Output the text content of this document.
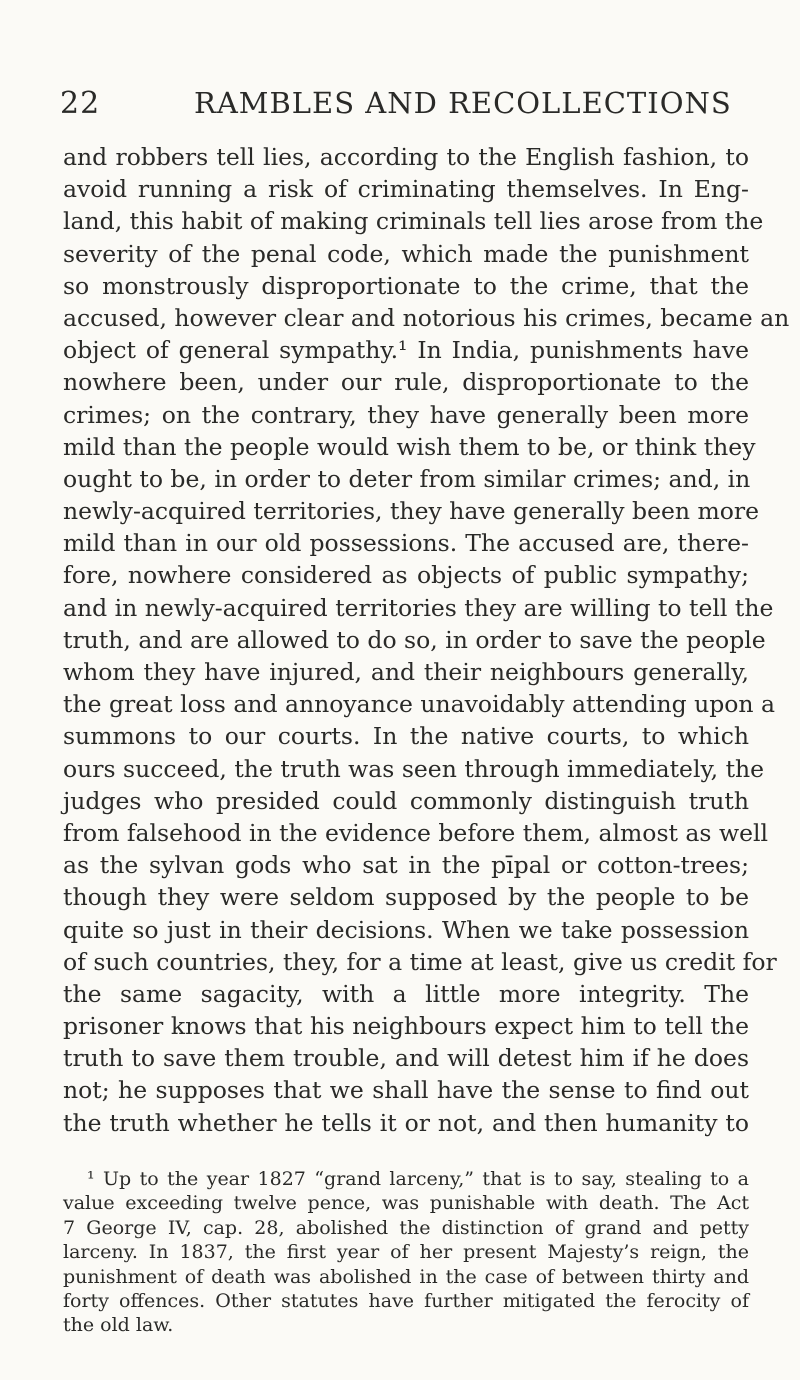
22	RAMBLES AND RECOLLECTIONS
and robbers tell lies, according to the English fashion, to
avoid running a risk of criminating themselves. In Eng-
land, this habit of making criminals tell lies arose from the
severity of the penal code, which made the punishment
so monstrously disproportionate to the crime, that the
accused, however clear and notorious his crimes, became an
object of general sympathy.¹ In India, punishments have
nowhere been, under our rule, disproportionate to the
crimes; on the contrary, they have generally been more
mild than the people would wish them to be, or think they
ought to be, in order to deter from similar crimes; and, in
newly-acquired territories, they have generally been more
mild than in our old possessions. The accused are, there-
fore, nowhere considered as objects of public sympathy;
and in newly-acquired territories they are willing to tell the
truth, and are allowed to do so, in order to save the people
whom they have injured, and their neighbours generally,
the great loss and annoyance unavoidably attending upon a
summons to our courts. In the native courts, to which
ours succeed, the truth was seen through immediately, the
judges who presided could commonly distinguish truth
from falsehood in the evidence before them, almost as well
as the sylvan gods who sat in the pīpal or cotton-trees;
though they were seldom supposed by the people to be
quite so just in their decisions. When we take possession
of such countries, they, for a time at least, give us credit for
the same sagacity, with a little more integrity. The
prisoner knows that his neighbours expect him to tell the
truth to save them trouble, and will detest him if he does
not; he supposes that we shall have the sense to find out
the truth whether he tells it or not, and then humanity to
¹ Up to the year 1827 “grand larceny,” that is to say, stealing to a
value exceeding twelve pence, was punishable with death. The Act
7 George IV, cap. 28, abolished the distinction of grand and petty
larceny. In 1837, the first year of her present Majesty’s reign, the
punishment of death was abolished in the case of between thirty and
forty offences. Other statutes have further mitigated the ferocity of
the old law.
